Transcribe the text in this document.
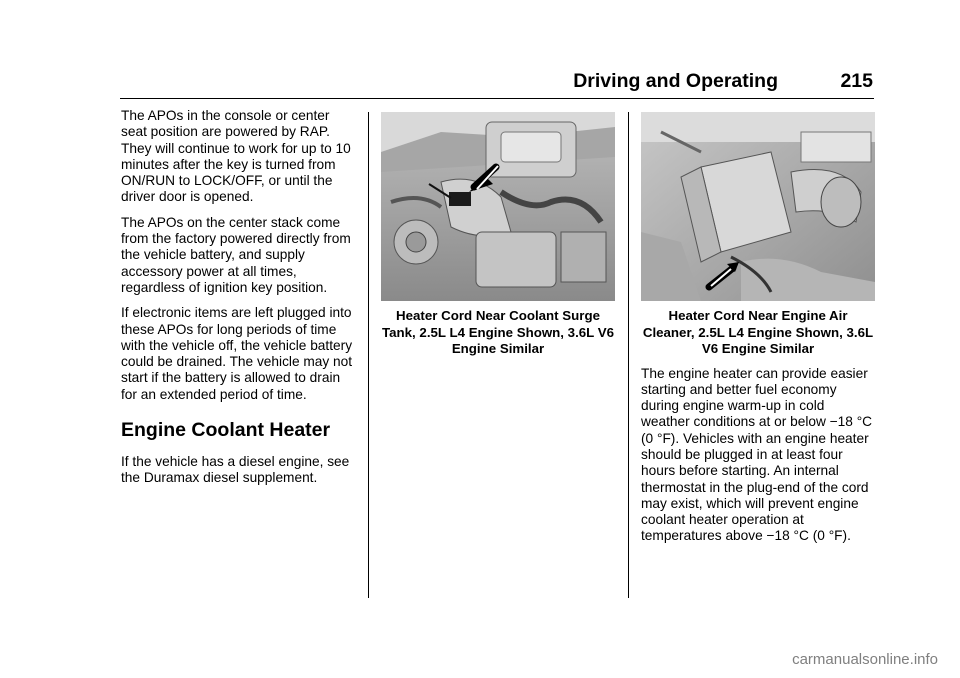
Driving and Operating	215

The APOs in the console or center seat position are powered by RAP. They will continue to work for up to 10 minutes after the key is turned from ON/RUN to LOCK/OFF, or until the driver door is opened.

The APOs on the center stack come from the factory powered directly from the vehicle battery, and supply accessory power at all times, regardless of ignition key position.

If electronic items are left plugged into these APOs for long periods of time with the vehicle off, the vehicle battery could be drained. The vehicle may not start if the battery is allowed to drain for an extended period of time.

Engine Coolant Heater

If the vehicle has a diesel engine, see the Duramax diesel supplement.

Heater Cord Near Coolant Surge Tank, 2.5L L4 Engine Shown, 3.6L V6 Engine Similar
Heater Cord Near Engine Air Cleaner, 2.5L L4 Engine Shown, 3.6L V6 Engine Similar

The engine heater can provide easier starting and better fuel economy during engine warm-up in cold weather conditions at or below −18 °C (0 °F). Vehicles with an engine heater should be plugged in at least four hours before starting. An internal thermostat in the plug-end of the cord may exist, which will prevent engine coolant heater operation at temperatures above −18 °C (0 °F).

carmanualsonline.info
